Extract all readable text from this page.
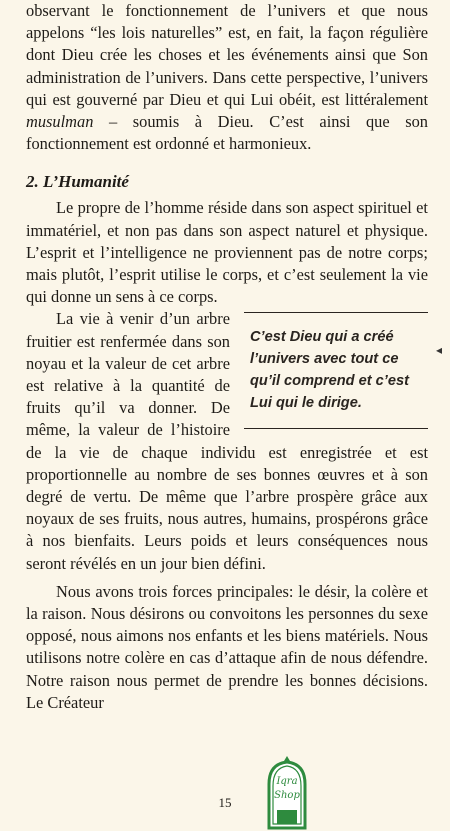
observant le fonctionnement de l’univers et que nous appelons “les lois naturelles” est, en fait, la façon régulière dont Dieu crée les choses et les événements ainsi que Son administration de l’univers. Dans cette perspective, l’univers qui est gouverné par Dieu et qui Lui obéit, est littéralement musulman – soumis à Dieu. C’est ainsi que son fonctionnement est ordonné et harmonieux.

2. L’Humanité

Le propre de l’homme réside dans son aspect spirituel et immatériel, et non pas dans son aspect naturel et physique. L’esprit et l’intelligence ne proviennent pas de notre corps; mais plutôt, l’esprit utilise le corps, et c’est seulement la vie qui donne un sens à ce corps.

C’est Dieu qui a créé l’univers avec tout ce qu’il comprend et c’est Lui qui le dirige.

La vie à venir d’un arbre fruitier est renfermée dans son noyau et la valeur de cet arbre est relative à la quantité de fruits qu’il va donner. De même, la valeur de l’histoire de la vie de chaque individu est enregistrée et est proportionnelle au nombre de ses bonnes œuvres et à son degré de vertu. De même que l’arbre prospère grâce aux noyaux de ses fruits, nous autres, humains, prospérons grâce à nos bienfaits. Leurs poids et leurs conséquences nous seront révélés en un jour bien défini.

Nous avons trois forces principales: le désir, la colère et la raison. Nous désirons ou convoitons les personnes du sexe opposé, nous aimons nos enfants et les biens matériels. Nous utilisons notre colère en cas d’attaque afin de nous défendre. Notre raison nous permet de prendre les bonnes décisions. Le Créateur

◂
15
Iqra
Shop
